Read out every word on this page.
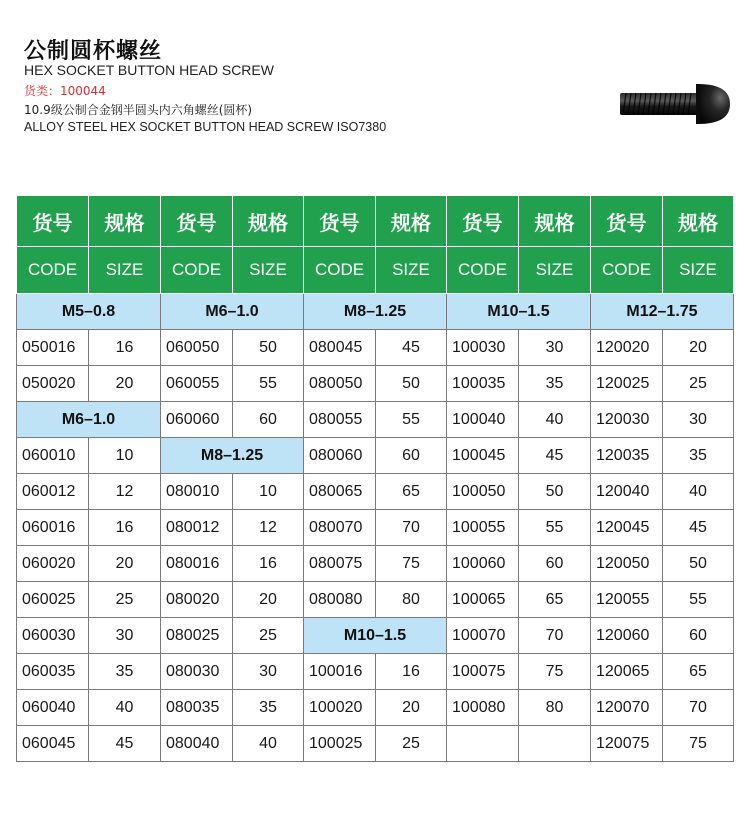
公制圆杯螺丝
HEX SOCKET BUTTON HEAD SCREW
货类：100044
10.9级公制合金钢半圆头内六角螺丝(圆杯)
ALLOY STEEL HEX SOCKET BUTTON HEAD SCREW ISO7380
货号	规格	货号	规格	货号	规格	货号	规格	货号	规格
CODE	SIZE	CODE	SIZE	CODE	SIZE	CODE	SIZE	CODE	SIZE
M5–0.8		M6–1.0		M8–1.25		M10–1.5		M12–1.75	
050016	16	060050	50	080045	45	100030	30	120020	20
050020	20	060055	55	080050	50	100035	35	120025	25
M6–1.0		060060	60	080055	55	100040	40	120030	30
060010	10	M8–1.25		080060	60	100045	45	120035	35
060012	12	080010	10	080065	65	100050	50	120040	40
060016	16	080012	12	080070	70	100055	55	120045	45
060020	20	080016	16	080075	75	100060	60	120050	50
060025	25	080020	20	080080	80	100065	65	120055	55
060030	30	080025	25	M10–1.5		100070	70	120060	60
060035	35	080030	30	100016	16	100075	75	120065	65
060040	40	080035	35	100020	20	100080	80	120070	70
060045	45	080040	40	100025	25			120075	75
